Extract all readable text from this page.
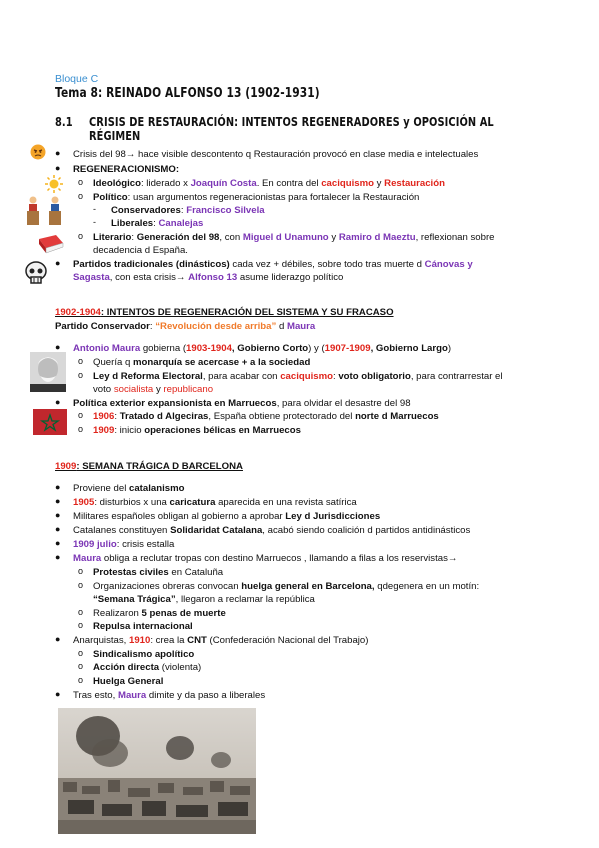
Bloque C
Tema 8: REINADO ALFONSO 13 (1902-1931)
8.1 CRISIS DE RESTAURACIÓN: INTENTOS REGENERADORES y OPOSICIÓN AL RÉGIMEN
● Crisis del 98→ hace visible descontento q Restauración provocó en clase media e intelectuales
● REGENERACIONISMO:
o Ideológico: liderado x Joaquín Costa. En contra del caciquismo y Restauración
o Político: usan argumentos regeneracionistas para fortalecer la Restauración
- Conservadores: Francisco Silvela
- Liberales: Canalejas
o Literario: Generación del 98, con Miguel d Unamuno y Ramiro d Maeztu, reflexionan sobre
decadencia d España.
● Partidos tradicionales (dinásticos) cada vez + débiles, sobre todo tras muerte d Cánovas y
Sagasta, con esta crisis→ Alfonso 13 asume liderazgo político
1902-1904: INTENTOS DE REGENERACIÓN DEL SISTEMA Y SU FRACASO
Partido Conservador: “Revolución desde arriba” d Maura
● Antonio Maura gobierna (1903-1904, Gobierno Corto) y (1907-1909, Gobierno Largo)
o Quería q monarquía se acercase + a la sociedad
o Ley d Reforma Electoral, para acabar con caciquismo: voto obligatorio, para contrarrestar el
voto socialista y republicano
● Política exterior expansionista en Marruecos, para olvidar el desastre del 98
o 1906: Tratado d Algeciras, España obtiene protectorado del norte d Marruecos
o 1909: inicio operaciones bélicas en Marruecos
1909: SEMANA TRÁGICA D BARCELONA
● Proviene del catalanismo
● 1905: disturbios x una caricatura aparecida en una revista satírica
● Militares españoles obligan al gobierno a aprobar Ley d Jurisdicciones
● Catalanes constituyen Solidaridat Catalana, acabó siendo coalición d partidos antidinásticos
● 1909 julio: crisis estalla
● Maura obliga a reclutar tropas con destino Marruecos , llamando a filas a los reservistas→
o Protestas civiles en Cataluña
o Organizaciones obreras convocan huelga general en Barcelona, qdegenera en un motín:
“Semana Trágica”, llegaron a reclamar la república
o Realizaron 5 penas de muerte
o Repulsa internacional
● Anarquistas, 1910: crea la CNT (Confederación Nacional del Trabajo)
o Sindicalismo apolítico
o Acción directa (violenta)
o Huelga General
● Tras esto, Maura dimite y da paso a liberales
